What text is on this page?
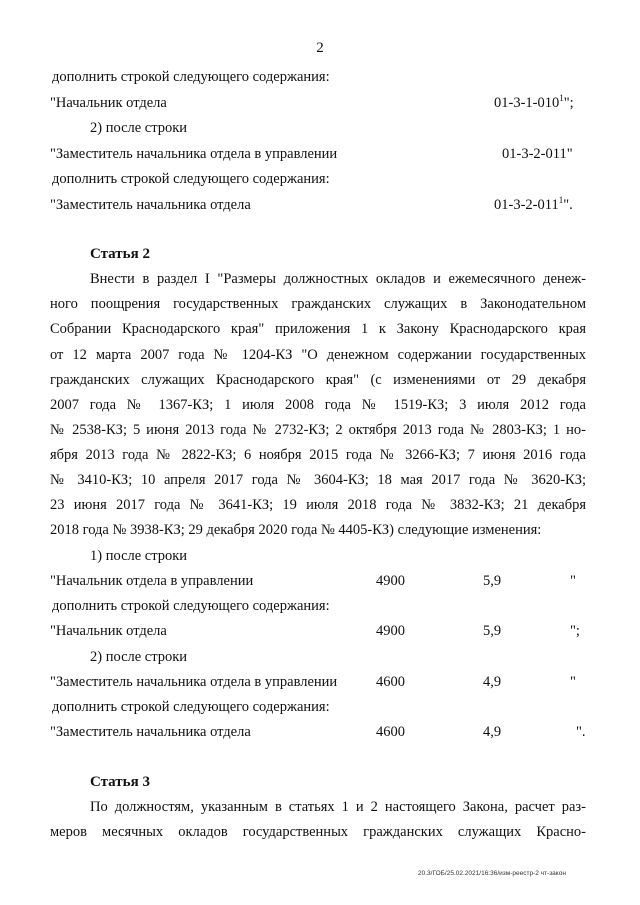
2
дополнить строкой следующего содержания:
"Начальник отдела	$01-3-1-010^1$";
2) после строки
"Заместитель начальника отдела в управлении	01-3-2-011"
дополнить строкой следующего содержания:
"Заместитель начальника отдела	$01-3-2-011^1$".
Статья 2
Внести в раздел I "Размеры должностных окладов и ежемесячного денеж-
ного поощрения государственных гражданских служащих в Законодательном
Собрании Краснодарского края" приложения 1 к Закону Краснодарского края
от 12 марта 2007 года № 1204-КЗ "О денежном содержании государственных
гражданских служащих Краснодарского края" (с изменениями от 29 декабря
2007 года № 1367-КЗ; 1 июля 2008 года № 1519-КЗ; 3 июля 2012 года
№ 2538-КЗ; 5 июня 2013 года № 2732-КЗ; 2 октября 2013 года № 2803-КЗ; 1 но-
ября 2013 года № 2822-КЗ; 6 ноября 2015 года № 3266-КЗ; 7 июня 2016 года
№ 3410-КЗ; 10 апреля 2017 года № 3604-КЗ; 18 мая 2017 года № 3620-КЗ;
23 июня 2017 года № 3641-КЗ; 19 июля 2018 года № 3832-КЗ; 21 декабря
2018 года № 3938-КЗ; 29 декабря 2020 года № 4405-КЗ) следующие изменения:
1) после строки
"Начальник отдела в управлении	4900	5,9	"
дополнить строкой следующего содержания:
"Начальник отдела	4900	5,9	";
2) после строки
"Заместитель начальника отдела в управлении	4600	4,9	"
дополнить строкой следующего содержания:
"Заместитель начальника отдела	4600	4,9	".
Статья 3
По должностям, указанным в статьях 1 и 2 настоящего Закона, расчет раз-
меров месячных окладов государственных гражданских служащих Красно-
20.3/ГОБ/25.02.2021/16:36/изм-реестр-2 чт-закон
